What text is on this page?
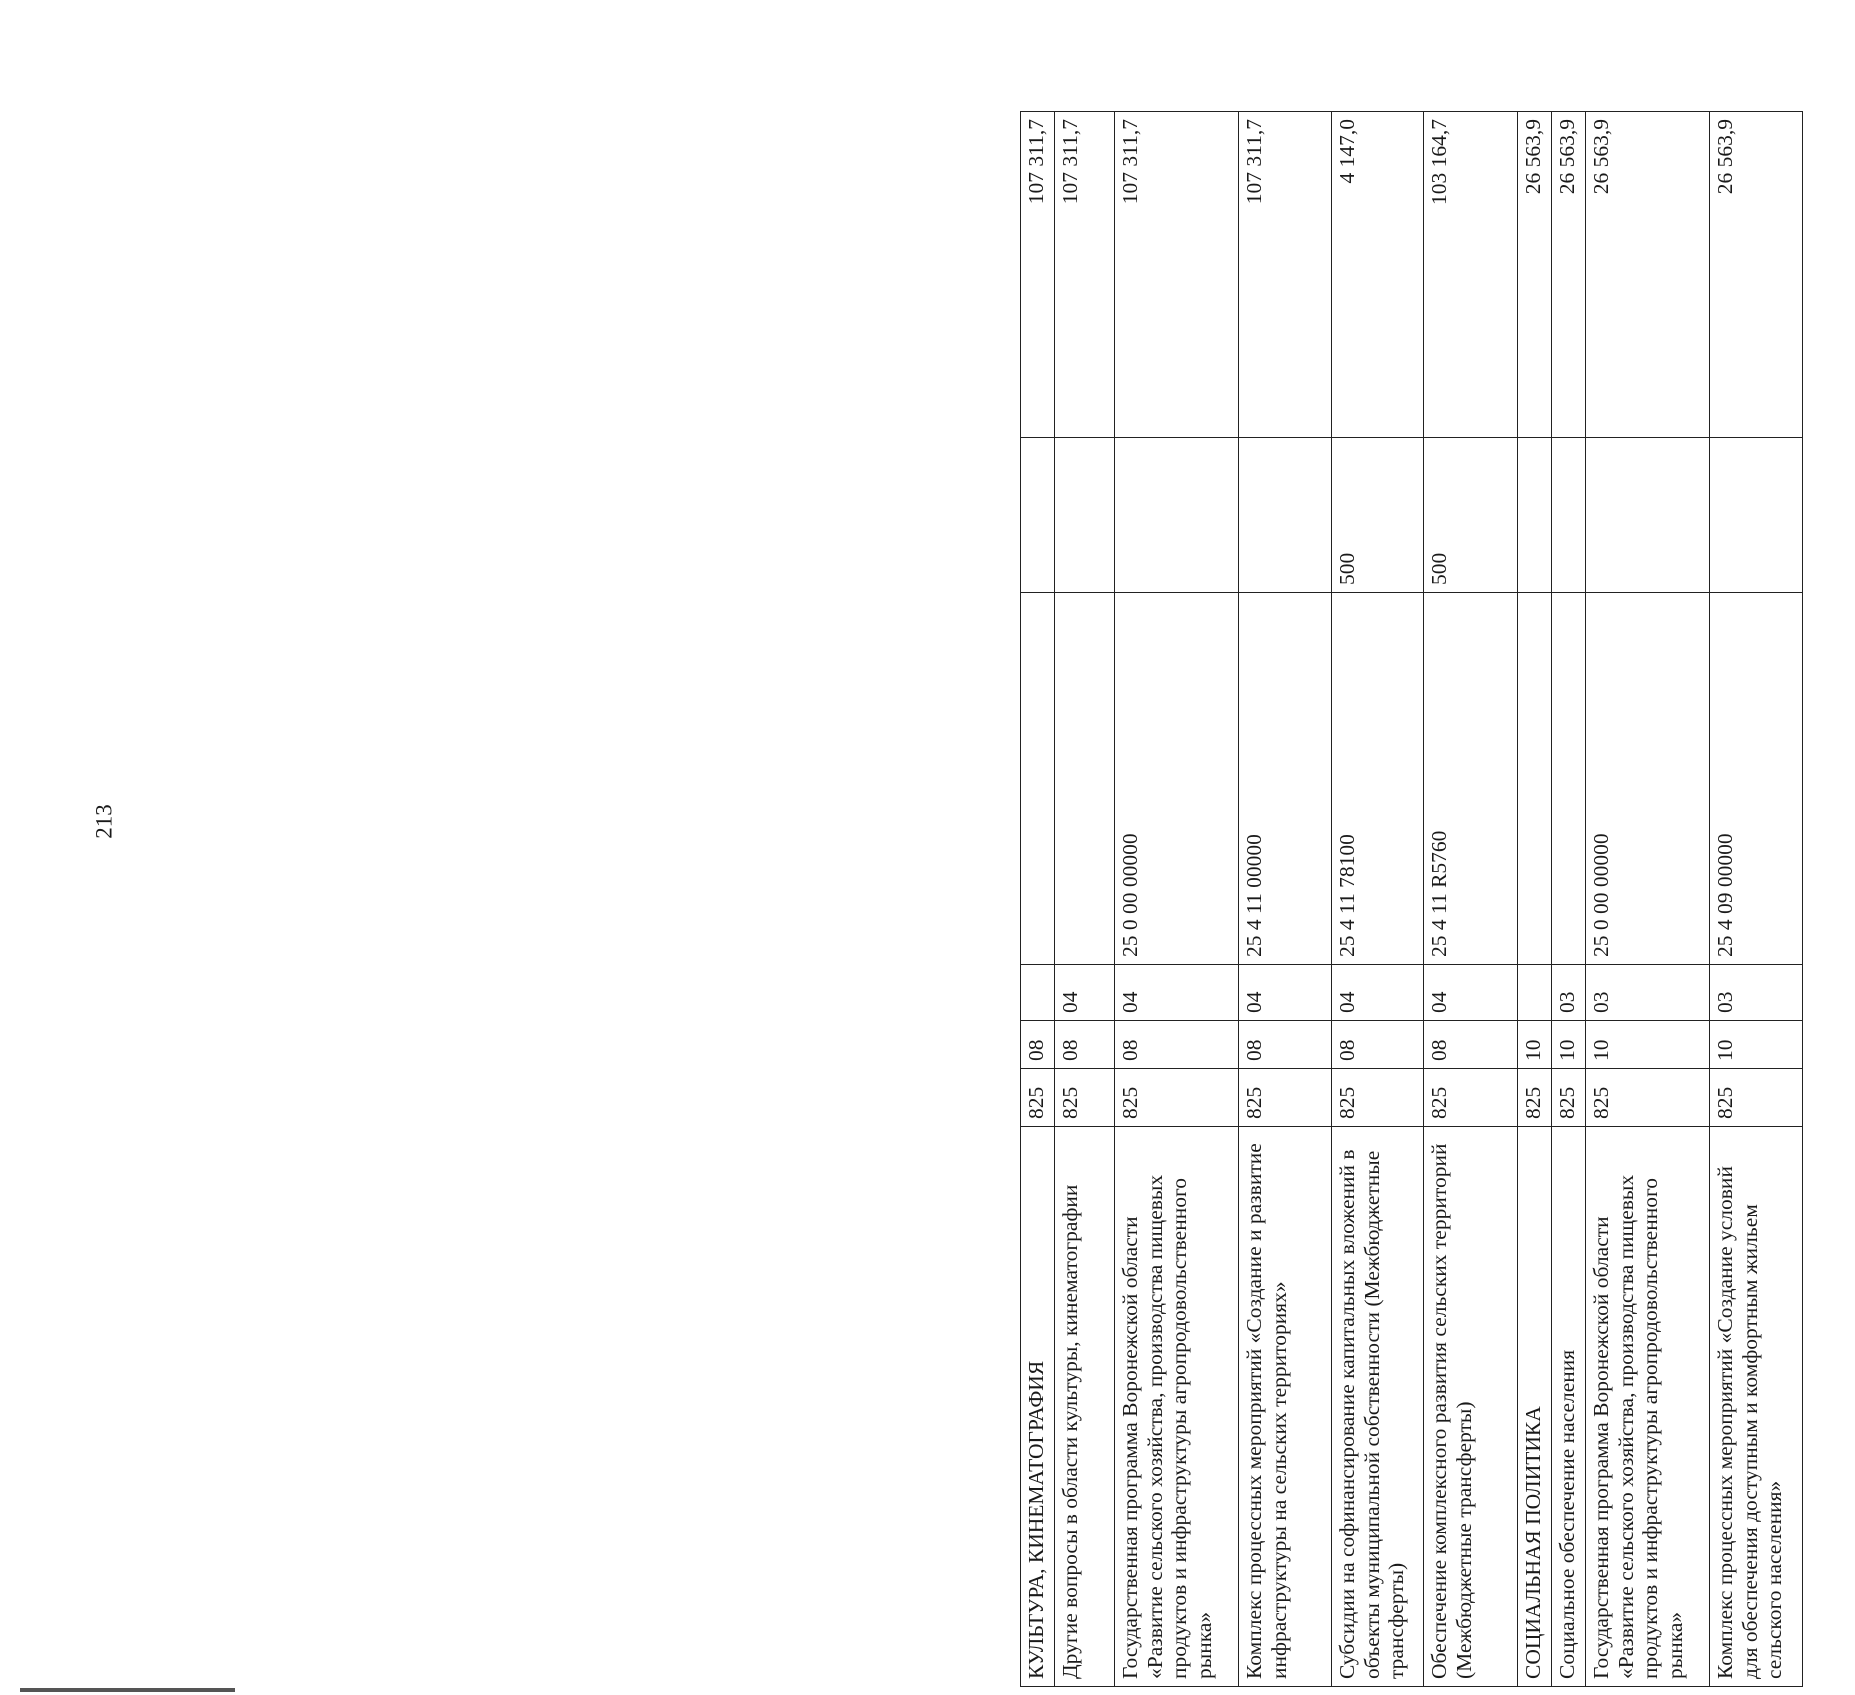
213
КУЛЬТУРА, КИНЕМАТОГРАФИЯ	825	08				107 311,7
Другие вопросы в области культуры, кинематографии	825	08	04			107 311,7
Государственная программа Воронежской области «Развитие сельского хозяйства, производства пищевых продуктов и инфраструктуры агропродовольственного рынка»	825	08	04	25 0 00 00000		107 311,7
Комплекс процессных мероприятий «Создание и развитие инфраструктуры на сельских территориях»	825	08	04	25 4 11 00000		107 311,7
Субсидии на софинансирование капитальных вложений в объекты муниципальной собственности (Межбюджетные трансферты)	825	08	04	25 4 11 78100	500	4 147,0
Обеспечение комплексного развития сельских территорий (Межбюджетные трансферты)	825	08	04	25 4 11 R5760	500	103 164,7
СОЦИАЛЬНАЯ ПОЛИТИКА	825	10				26 563,9
Социальное обеспечение населения	825	10	03			26 563,9
Государственная программа Воронежской области «Развитие сельского хозяйства, производства пищевых продуктов и инфраструктуры агропродовольственного рынка»	825	10	03	25 0 00 00000		26 563,9
Комплекс процессных мероприятий «Создание условий для обеспечения доступным и комфортным жильем сельского населения»	825	10	03	25 4 09 00000		26 563,9
